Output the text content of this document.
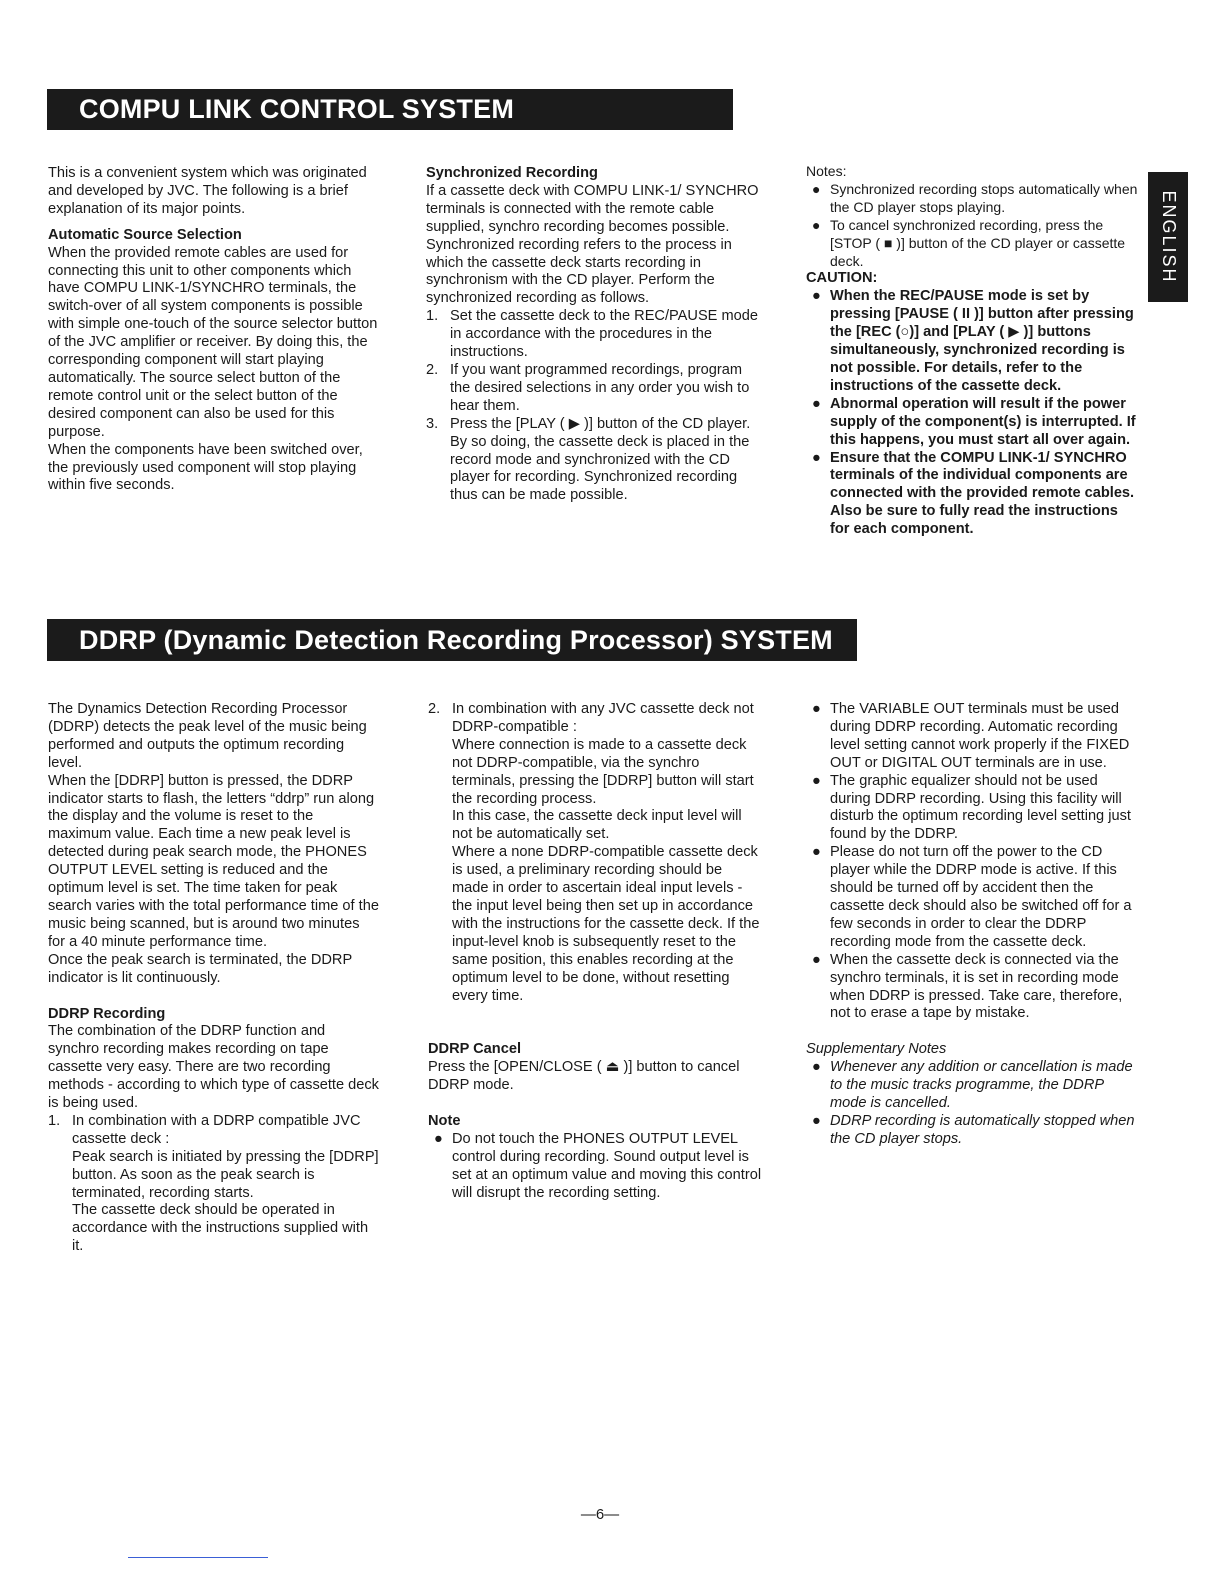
COMPU LINK CONTROL SYSTEM
ENGLISH

This is a convenient system which was originated and developed by JVC. The following is a brief explanation of its major points.

Automatic Source Selection

When the provided remote cables are used for connecting this unit to other components which have COMPU LINK-1/SYNCHRO terminals, the switch-over of all system components is possible with simple one-touch of the source selector button of the JVC amplifier or receiver. By doing this, the corresponding component will start playing automatically. The source select button of the remote control unit or the select button of the desired component can also be used for this purpose.

When the components have been switched over, the previously used component will stop playing within five seconds.

Synchronized Recording

If a cassette deck with COMPU LINK-1/ SYNCHRO terminals is connected with the remote cable supplied, synchro recording becomes possible.

Synchronized recording refers to the process in which the cassette deck starts recording in synchronism with the CD player. Perform the synchronized recording as follows.

1. Set the cassette deck to the REC/PAUSE mode in accordance with the procedures in the instructions.
2. If you want programmed recordings, program the desired selections in any order you wish to hear them.
3. Press the [PLAY ( ▶ )] button of the CD player. By so doing, the cassette deck is placed in the record mode and synchronized with the CD player for recording. Synchronized recording thus can be made possible.

Notes:

● Synchronized recording stops automatically when the CD player stops playing.
● To cancel synchronized recording, press the [STOP ( ■ )] button of the CD player or cassette deck.

CAUTION:

● When the REC/PAUSE mode is set by pressing [PAUSE ( II )] button after pressing the [REC (○)] and [PLAY ( ▶ )] buttons simultaneously, synchronized recording is not possible. For details, refer to the instructions of the cassette deck.
● Abnormal operation will result if the power supply of the component(s) is interrupted. If this happens, you must start all over again.
● Ensure that the COMPU LINK-1/ SYNCHRO terminals of the individual components are connected with the provided remote cables. Also be sure to fully read the instructions for each component.
DDRP (Dynamic Detection Recording Processor) SYSTEM

The Dynamics Detection Recording Processor (DDRP) detects the peak level of the music being performed and outputs the optimum recording level.

When the [DDRP] button is pressed, the DDRP indicator starts to flash, the letters “ddrp” run along the display and the volume is reset to the maximum value. Each time a new peak level is detected during peak search mode, the PHONES OUTPUT LEVEL setting is reduced and the optimum level is set. The time taken for peak search varies with the total performance time of the music being scanned, but is around two minutes for a 40 minute performance time.

Once the peak search is terminated, the DDRP indicator is lit continuously.

DDRP Recording

The combination of the DDRP function and synchro recording makes recording on tape cassette very easy. There are two recording methods - according to which type of cassette deck is being used.

1. In combination with a DDRP compatible JVC cassette deck :

Peak search is initiated by pressing the [DDRP] button. As soon as the peak search is terminated, recording starts.

The cassette deck should be operated in accordance with the instructions supplied with it.

2. In combination with any JVC cassette deck not DDRP-compatible :

Where connection is made to a cassette deck not DDRP-compatible, via the synchro terminals, pressing the [DDRP] button will start the recording process.

In this case, the cassette deck input level will not be automatically set.

Where a none DDRP-compatible cassette deck is used, a preliminary recording should be made in order to ascertain ideal input levels - the input level being then set up in accordance with the instructions for the cassette deck. If the input-level knob is subsequently reset to the same position, this enables recording at the optimum level to be done, without resetting every time.

DDRP Cancel

Press the [OPEN/CLOSE ( ⏏ )] button to cancel DDRP mode.

Note

● Do not touch the PHONES OUTPUT LEVEL control during recording. Sound output level is set at an optimum value and moving this control will disrupt the recording setting.
● The VARIABLE OUT terminals must be used during DDRP recording. Automatic recording level setting cannot work properly if the FIXED OUT or DIGITAL OUT terminals are in use.
● The graphic equalizer should not be used during DDRP recording. Using this facility will disturb the optimum recording level setting just found by the DDRP.
● Please do not turn off the power to the CD player while the DDRP mode is active. If this should be turned off by accident then the cassette deck should also be switched off for a few seconds in order to clear the DDRP recording mode from the cassette deck.
● When the cassette deck is connected via the synchro terminals, it is set in recording mode when DDRP is pressed. Take care, therefore, not to erase a tape by mistake.

Supplementary Notes

● Whenever any addition or cancellation is made to the music tracks programme, the DDRP mode is cancelled.
● DDRP recording is automatically stopped when the CD player stops.
—6—
